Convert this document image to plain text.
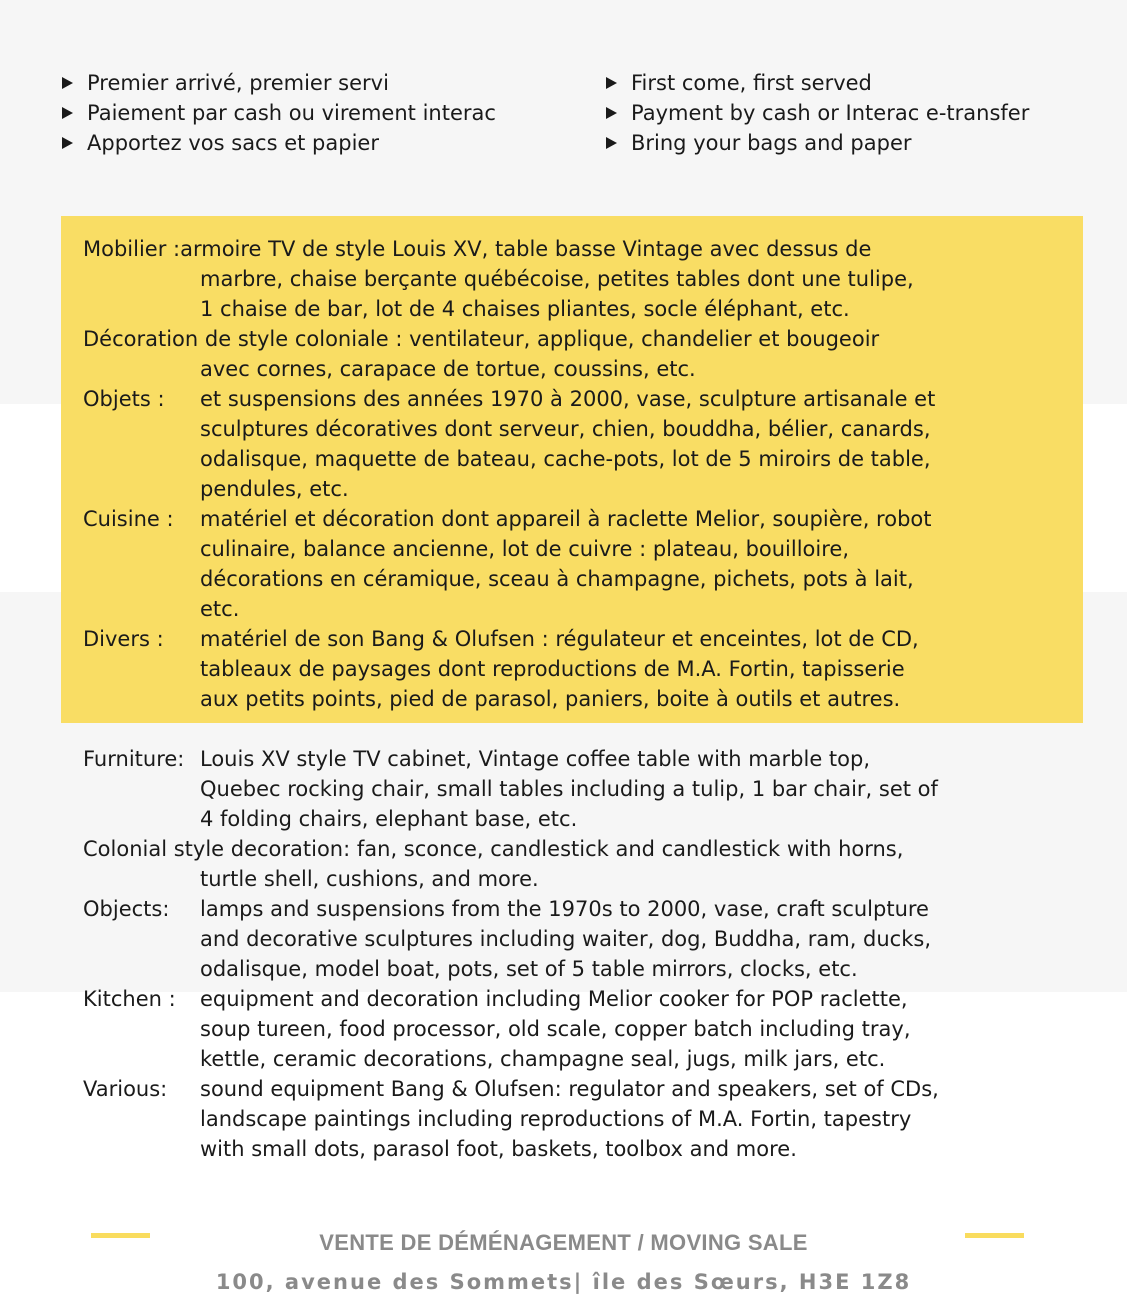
Premier arrivé, premier servi
Paiement par cash ou virement interac
Apportez vos sacs et papier
First come, first served
Payment by cash or Interac e-transfer
Bring your bags and paper
Mobilier : armoire TV de style Louis XV, table basse Vintage avec dessus de
marbre, chaise berçante québécoise, petites tables dont une tulipe,
1 chaise de bar, lot de 4 chaises pliantes, socle éléphant, etc.
Décoration de style coloniale : ventilateur, applique, chandelier et bougeoir
avec cornes, carapace de tortue, coussins, etc.
Objets :	et suspensions des années 1970 à 2000, vase, sculpture artisanale et
sculptures décoratives dont serveur, chien, bouddha, bélier, canards,
odalisque, maquette de bateau, cache-pots, lot de 5 miroirs de table,
pendules, etc.
Cuisine :	matériel et décoration dont appareil à raclette Melior, soupière, robot
culinaire, balance ancienne, lot de cuivre : plateau, bouilloire,
décorations en céramique, sceau à champagne, pichets, pots à lait,
etc.
Divers :	matériel de son Bang & Olufsen : régulateur et enceintes, lot de CD,
tableaux de paysages dont reproductions de M.A. Fortin, tapisserie
aux petits points, pied de parasol, paniers, boite à outils et autres.
Furniture: Louis XV style TV cabinet, Vintage coffee table with marble top,
Quebec rocking chair, small tables including a tulip, 1 bar chair, set of
4 folding chairs, elephant base, etc.
Colonial style decoration: fan, sconce, candlestick and candlestick with horns,
turtle shell, cushions, and more.
Objects:	lamps and suspensions from the 1970s to 2000, vase, craft sculpture
and decorative sculptures including waiter, dog, Buddha, ram, ducks,
odalisque, model boat, pots, set of 5 table mirrors, clocks, etc.
Kitchen :	equipment and decoration including Melior cooker for POP raclette,
soup tureen, food processor, old scale, copper batch including tray,
kettle, ceramic decorations, champagne seal, jugs, milk jars, etc.
Various:	sound equipment Bang & Olufsen: regulator and speakers, set of CDs,
landscape paintings including reproductions of M.A. Fortin, tapestry
with small dots, parasol foot, baskets, toolbox and more.
VENTE DE DÉMÉNAGEMENT / MOVING SALE
100, avenue des Sommets| île des Sœurs, H3E 1Z8
